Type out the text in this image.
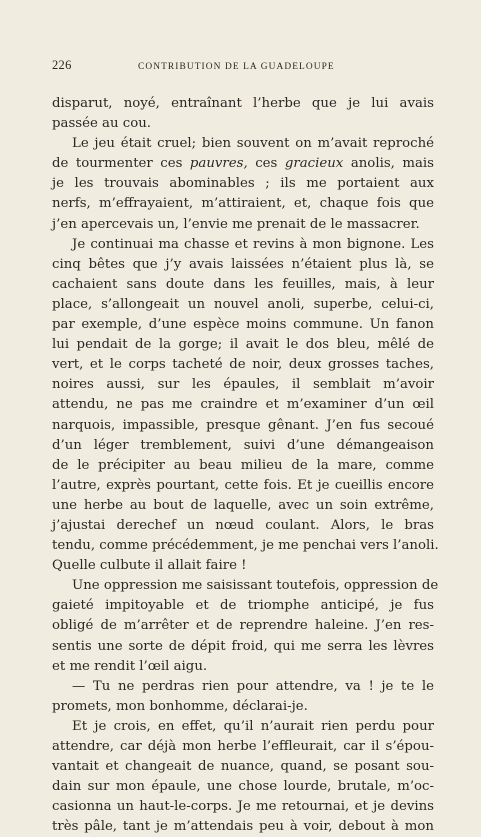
226	CONTRIBUTION DE LA GUADELOUPE
disparut, noyé, entraînant l’herbe que je lui avais
passée au cou.
Le jeu était cruel; bien souvent on m’avait reproché
de tourmenter ces pauvres, ces gracieux anolis, mais
je les trouvais abominables ; ils me portaient aux
nerfs, m’effrayaient, m’attiraient, et, chaque fois que
j’en apercevais un, l’envie me prenait de le massacrer.
Je continuai ma chasse et revins à mon bignone. Les
cinq bêtes que j’y avais laissées n’étaient plus là, se
cachaient sans doute dans les feuilles, mais, à leur
place, s’allongeait un nouvel anoli, superbe, celui-ci,
par exemple, d’une espèce moins commune. Un fanon
lui pendait de la gorge; il avait le dos bleu, mêlé de
vert, et le corps tacheté de noir, deux grosses taches,
noires aussi, sur les épaules, il semblait m’avoir
attendu, ne pas me craindre et m’examiner d’un œil
narquois, impassible, presque gênant. J’en fus secoué
d’un léger tremblement, suivi d’une démangeaison
de le précipiter au beau milieu de la mare, comme
l’autre, exprès pourtant, cette fois. Et je cueillis encore
une herbe au bout de laquelle, avec un soin extrême,
j’ajustai derechef un nœud coulant. Alors, le bras
tendu, comme précédemment, je me penchai vers l’anoli.
Quelle culbute il allait faire !
Une oppression me saisissant toutefois, oppression de
gaieté impitoyable et de triomphe anticipé, je fus
obligé de m’arrêter et de reprendre haleine. J’en res-
sentis une sorte de dépit froid, qui me serra les lèvres
et me rendit l’œil aigu.
— Tu ne perdras rien pour attendre, va ! je te le
promets, mon bonhomme, déclarai-je.
Et je crois, en effet, qu’il n’aurait rien perdu pour
attendre, car déjà mon herbe l’effleurait, car il s’épou-
vantait et changeait de nuance, quand, se posant sou-
dain sur mon épaule, une chose lourde, brutale, m’oc-
casionna un haut-le-corps. Je me retournai, et je devins
très pâle, tant je m’attendais peu à voir, debout à mon
